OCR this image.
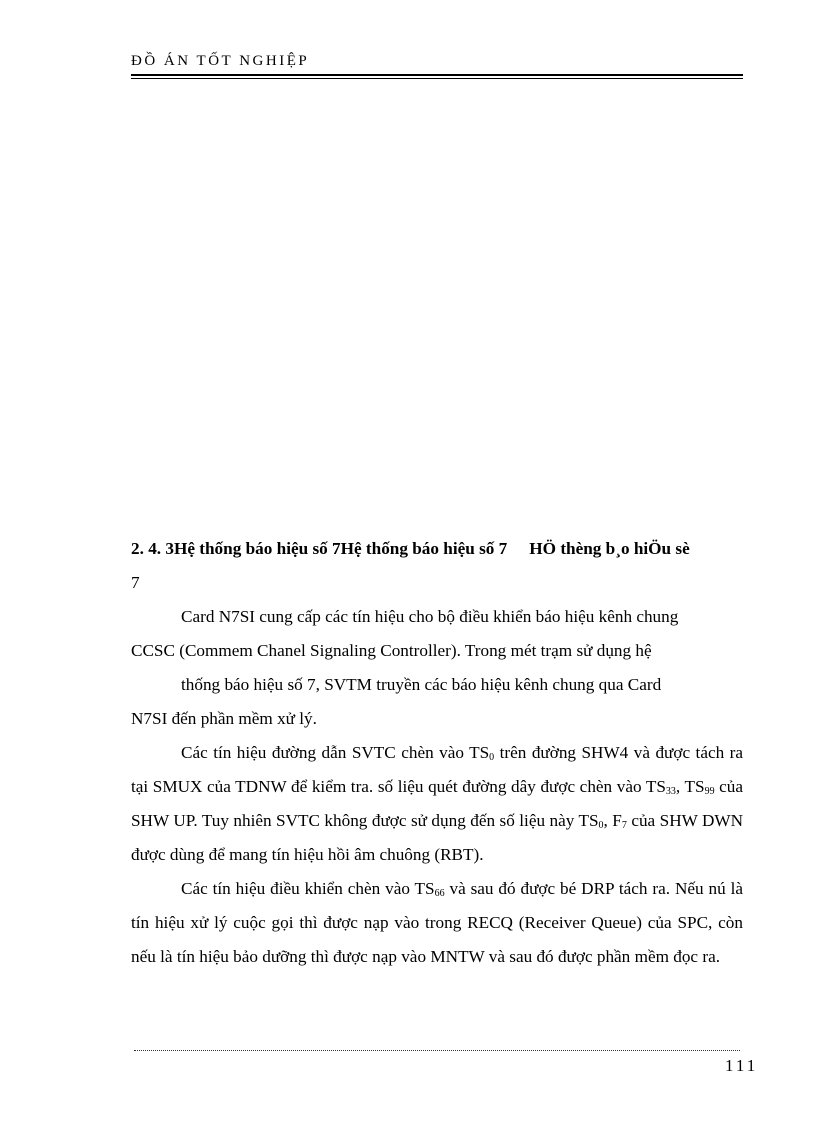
ĐỒ ÁN TỐT NGHIỆP

2. 4. 3Hệ thống báo hiệu số 7Hệ thống báo hiệu số 7 HÖ thèng b¸o hiÖu sè

7

Card N7SI cung cấp các tín hiệu cho bộ điều khiển báo hiệu kênh chung
CCSC (Commem Chanel Signaling Controller). Trong mét trạm sử dụng hệ
thống báo hiệu số 7, SVTM truyền các báo hiệu kênh chung qua Card
N7SI đến phần mềm xử lý.

Các tín hiệu đường dẫn SVTC chèn vào $TS_0$ trên đường SHW4 và được tách ra tại SMUX của TDNW để kiểm tra. số liệu quét đường dây được chèn vào $TS_{33}$, $TS_{99}$ của SHW UP. Tuy nhiên SVTC không được sử dụng đến số liệu này $TS_0$, $F_7$ của SHW DWN được dùng để mang tín hiệu hồi âm chuông (RBT).

Các tín hiệu điều khiển chèn vào $TS_{66}$ và sau đó được bé DRP tách ra. Nếu nú là tín hiệu xử lý cuộc gọi thì được nạp vào trong RECQ (Receiver Queue) của SPC, còn nếu là tín hiệu bảo dưỡng thì được nạp vào MNTW và sau đó được phần mềm đọc ra.

111
